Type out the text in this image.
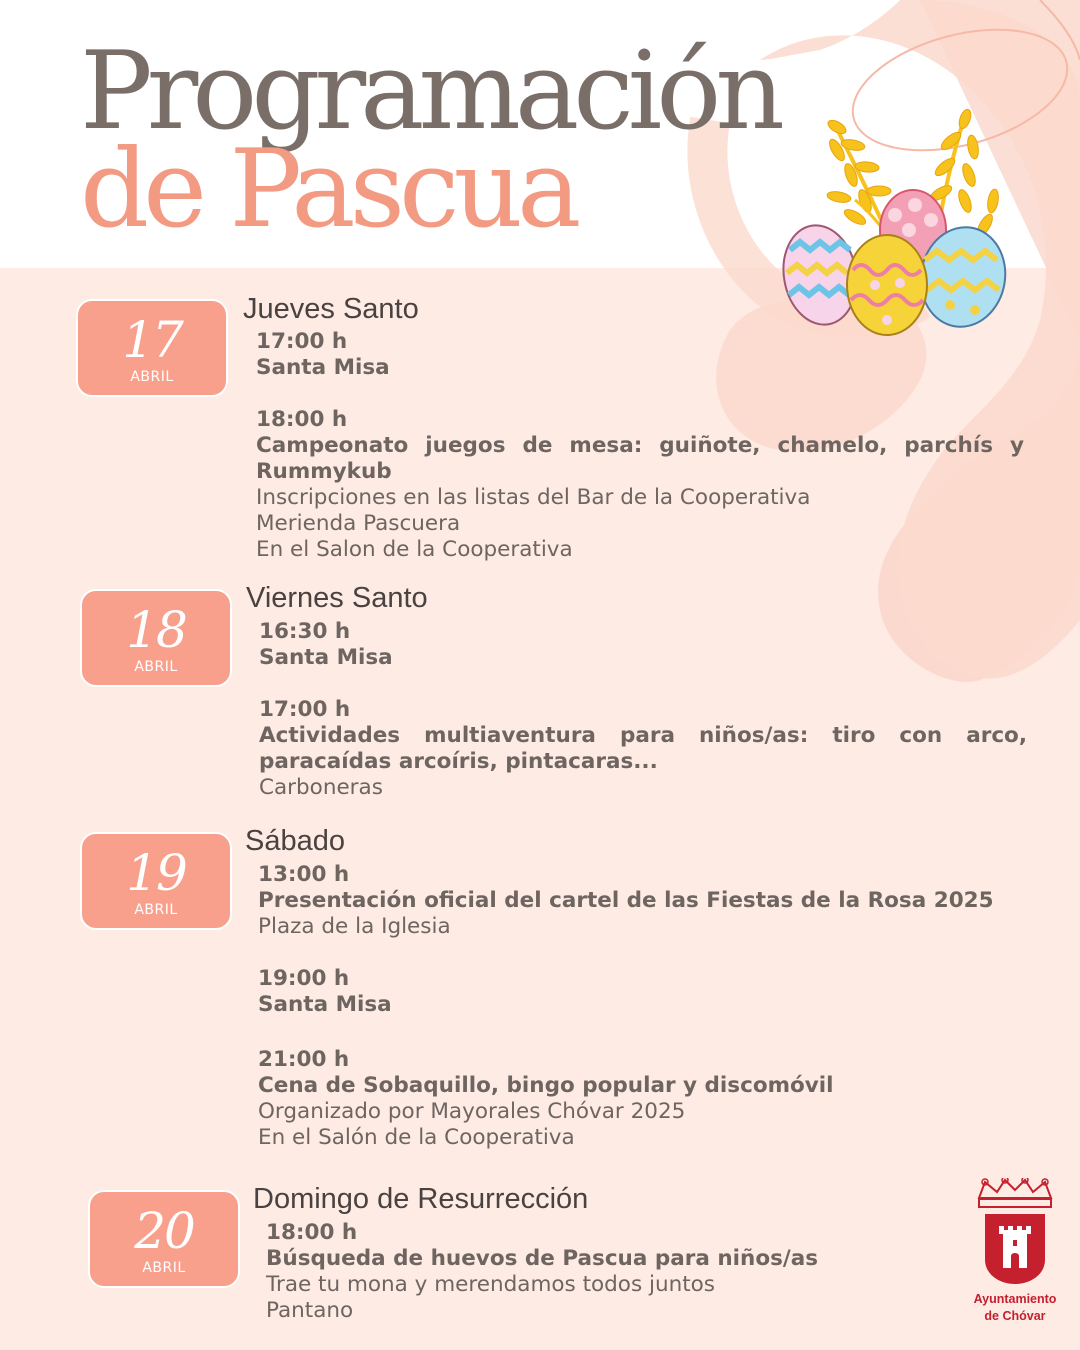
Programación
de Pascua
17
ABRIL
Jueves Santo
17:00 h
Santa Misa
18:00 h
Campeonato juegos de mesa: guiñote, chamelo, parchís y Rummykub
Inscripciones en las listas del Bar de la Cooperativa
Merienda Pascuera
En el Salon de la Cooperativa
18
ABRIL
Viernes Santo
16:30 h
Santa Misa
17:00 h
Actividades multiaventura para niños/as: tiro con arco, paracaídas arcoíris, pintacaras...
Carboneras
19
ABRIL
Sábado
13:00 h
Presentación oficial del cartel de las Fiestas de la Rosa 2025
Plaza de la Iglesia
19:00 h
Santa Misa
21:00 h
Cena de Sobaquillo, bingo popular y discomóvil
Organizado por Mayorales Chóvar 2025
En el Salón de la Cooperativa
20
ABRIL
Domingo de Resurrección
18:00 h
Búsqueda de huevos de Pascua para niños/as
Trae tu mona y merendamos todos juntos
Pantano	Ayuntamiento
de Chóvar
